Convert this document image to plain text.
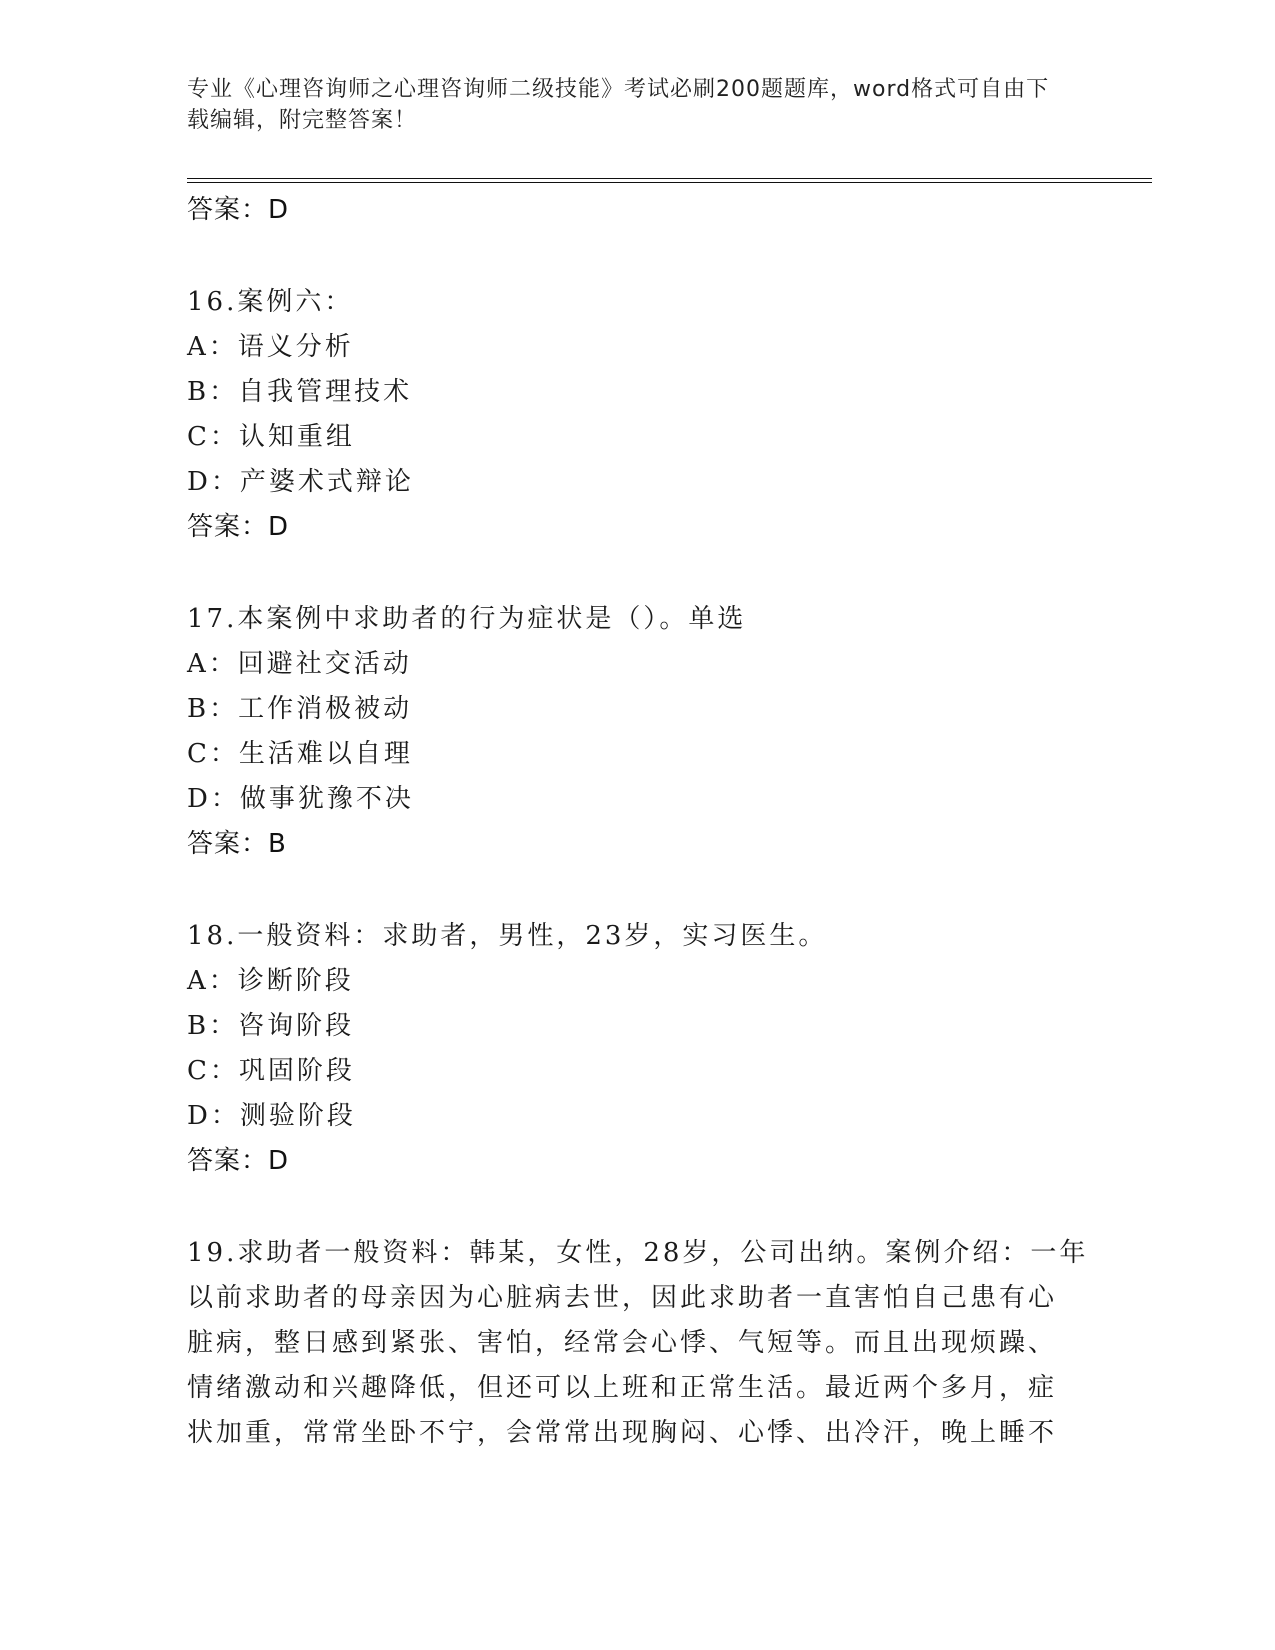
专业《心理咨询师之心理咨询师二级技能》考试必刷200题题库，word格式可自由下载编辑，附完整答案！
答案：D
16.案例六：
A：语义分析
B：自我管理技术
C：认知重组
D：产婆术式辩论
答案：D
17.本案例中求助者的行为症状是（）。单选
A：回避社交活动
B：工作消极被动
C：生活难以自理
D：做事犹豫不决
答案：B
18.一般资料：求助者，男性，23岁，实习医生。
A：诊断阶段
B：咨询阶段
C：巩固阶段
D：测验阶段
答案：D
19.求助者一般资料：韩某，女性，28岁，公司出纳。案例介绍：一年
以前求助者的母亲因为心脏病去世，因此求助者一直害怕自己患有心
脏病，整日感到紧张、害怕，经常会心悸、气短等。而且出现烦躁、
情绪激动和兴趣降低，但还可以上班和正常生活。最近两个多月，症
状加重，常常坐卧不宁，会常常出现胸闷、心悸、出冷汗，晚上睡不
